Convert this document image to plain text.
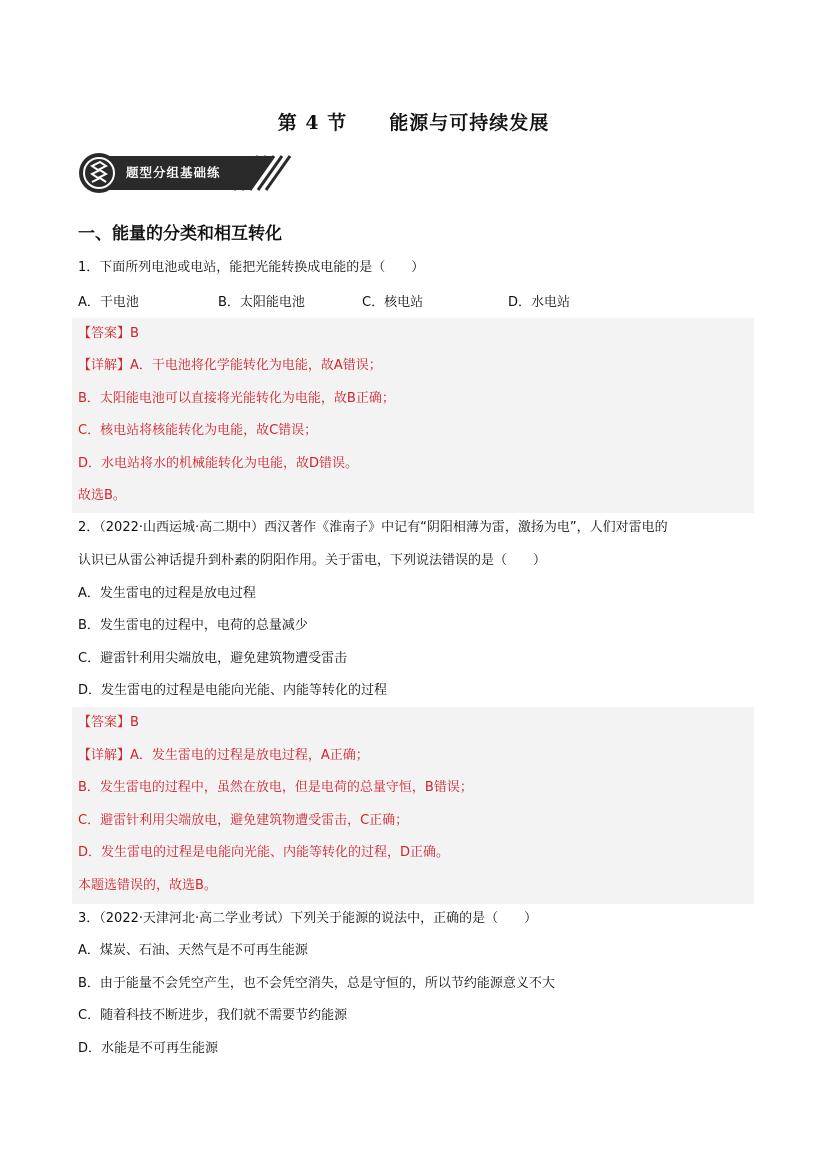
第 4 节 能源与可持续发展
题型分组基础练
一、能量的分类和相互转化
1．下面所列电池或电站，能把光能转换成电能的是（　　）
A．干电池	B．太阳能电池	C．核电站	D．水电站
【答案】B
【详解】A．干电池将化学能转化为电能，故A错误；
B．太阳能电池可以直接将光能转化为电能，故B正确；
C．核电站将核能转化为电能，故C错误；
D．水电站将水的机械能转化为电能，故D错误。
故选B。
2．（2022·山西运城·高二期中）西汉著作《淮南子》中记有“阴阳相薄为雷，激扬为电”，人们对雷电的
认识已从雷公神话提升到朴素的阴阳作用。关于雷电，下列说法错误的是（　　）
A．发生雷电的过程是放电过程
B．发生雷电的过程中，电荷的总量减少
C．避雷针利用尖端放电，避免建筑物遭受雷击
D．发生雷电的过程是电能向光能、内能等转化的过程
【答案】B
【详解】A．发生雷电的过程是放电过程，A正确；
B．发生雷电的过程中，虽然在放电，但是电荷的总量守恒，B错误；
C．避雷针利用尖端放电，避免建筑物遭受雷击，C正确；
D．发生雷电的过程是电能向光能、内能等转化的过程，D正确。
本题选错误的，故选B。
3．（2022·天津河北·高二学业考试）下列关于能源的说法中，正确的是（　　）
A．煤炭、石油、天然气是不可再生能源
B．由于能量不会凭空产生，也不会凭空消失，总是守恒的，所以节约能源意义不大
C．随着科技不断进步，我们就不需要节约能源
D．水能是不可再生能源
